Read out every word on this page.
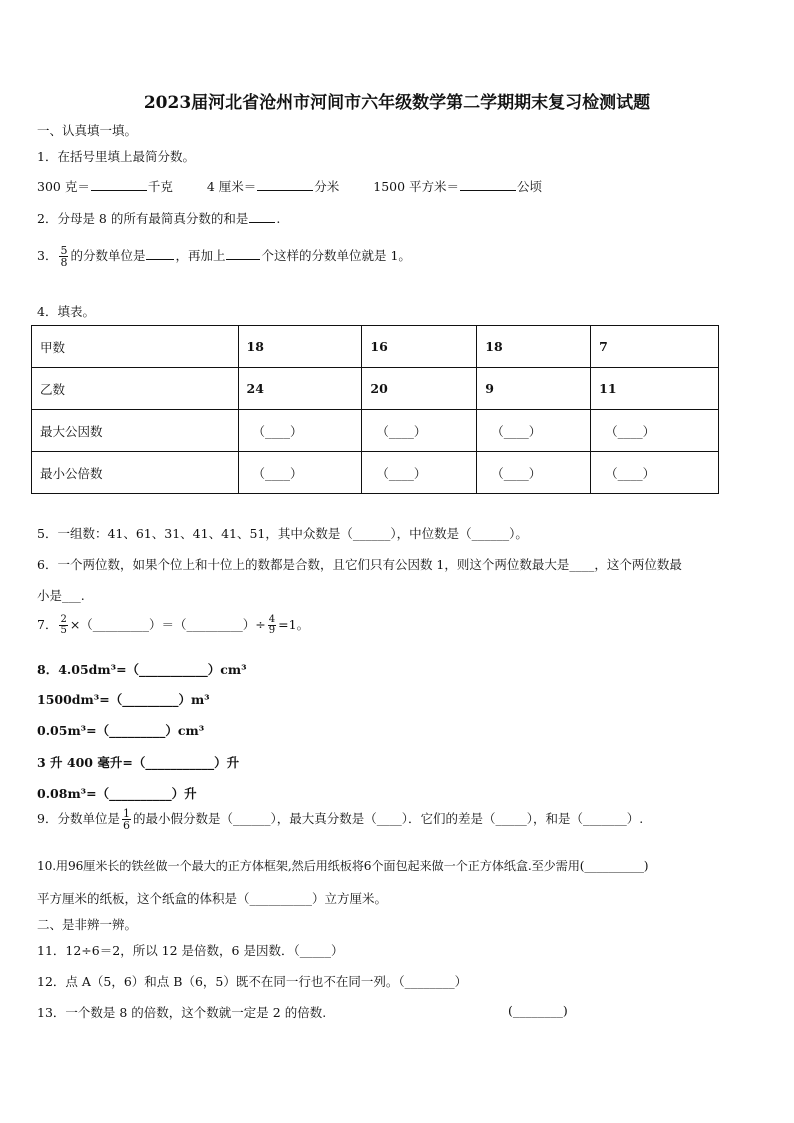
2023届河北省沧州市河间市六年级数学第二学期期末复习检测试题
一、认真填一填。
1．在括号里填上最简分数。
300 克＝	千克	4 厘米＝	分米	1500 平方米＝	公顷
2．分母是 8 的所有最简真分数的和是 .
3． $\frac{5}{8}$ 的分数单位是 ，再加上	个这样的分数单位就是 1。
4．填表。
甲数	18	16	18	7
乙数	24	20	9	11
最大公因数	（____）	（____）	（____）	（____）
最小公倍数	（____）	（____）	（____）	（____）
5．一组数：41、61、31、41、41、51，其中众数是（______），中位数是（______）。
6．一个两位数，如果个位上和十位上的数都是合数，且它们只有公因数 1，则这个两位数最大是____，这个两位数最
小是___.
7． $\frac{2}{5}$ ×（_________）＝（_________）÷ $\frac{4}{9} =1$。
8．4.05dm³=（___________）cm³
1500dm³=（_________）m³
0.05m³=（_________）cm³
3 升 400 毫升=（___________）升
0.08m³=（__________）升
9．分数单位是 $\frac{1}{6}$ 的最小假分数是（______），最大真分数是（____）．它们的差是（_____），和是（_______）.
10.用96厘米长的铁丝做一个最大的正方体框架,然后用纸板将6个面包起来做一个正方体纸盒.至少需用(__________)
平方厘米的纸板，这个纸盒的体积是（__________）立方厘米。
二、是非辨一辨。
11．12÷6＝2，所以 12 是倍数，6 是因数．（_____）
12．点 A（5，6）和点 B（6，5）既不在同一行也不在同一列。（________）
13．一个数是 8 的倍数，这个数就一定是 2 的倍数.	(________)
